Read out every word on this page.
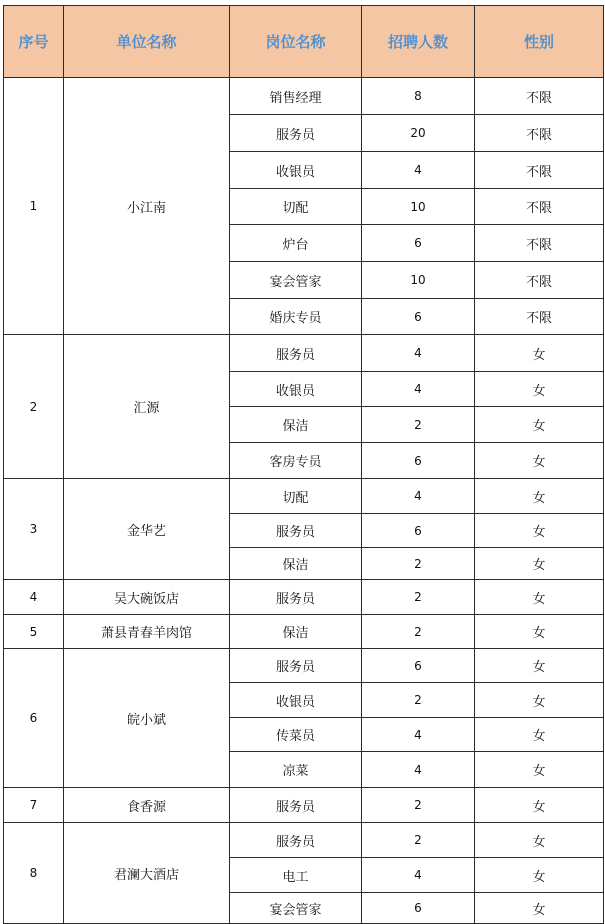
序号	单位名称	岗位名称	招聘人数	性别
1	小江南	销售经理	8	不限
		服务员	20	不限
		收银员	4	不限
		切配	10	不限
		炉台	6	不限
		宴会管家	10	不限
		婚庆专员	6	不限
2	汇源	服务员	4	女
		收银员	4	女
		保洁	2	女
		客房专员	6	女
3	金华艺	切配	4	女
		服务员	6	女
		保洁	2	女
4	吴大碗饭店	服务员	2	女
5	萧县青春羊肉馆	保洁	2	女
6	皖小斌	服务员	6	女
		收银员	2	女
		传菜员	4	女
		凉菜	4	女
7	食香源	服务员	2	女
8	君澜大酒店	服务员	2	女
		电工	4	女
		宴会管家	6	女
